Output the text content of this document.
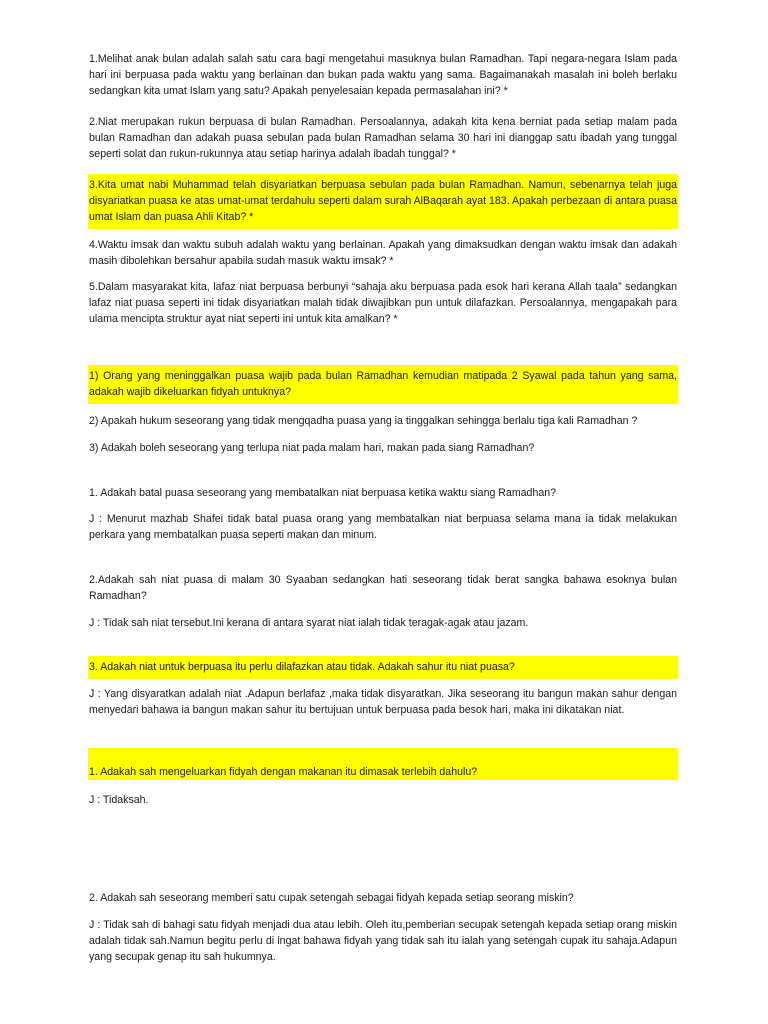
1.Melihat anak bulan adalah salah satu cara bagi mengetahui masuknya bulan Ramadhan. Tapi negara-negara Islam pada hari ini berpuasa pada waktu yang berlainan dan bukan pada waktu yang sama. Bagaimanakah masalah ini boleh berlaku sedangkan kita umat Islam yang satu? Apakah penyelesaian kepada permasalahan ini? *

2.Niat merupakan rukun berpuasa di bulan Ramadhan. Persoalannya, adakah kita kena berniat pada setiap malam pada bulan Ramadhan dan adakah puasa sebulan pada bulan Ramadhan selama 30 hari ini dianggap satu ibadah yang tunggal seperti solat dan rukun-rukunnya atau setiap harinya adalah ibadah tunggal? *

3.Kita umat nabi Muhammad telah disyariatkan berpuasa sebulan pada bulan Ramadhan. Namun, sebenarnya telah juga disyariatkan puasa ke atas umat-umat terdahulu seperti dalam surah AlBaqarah ayat 183. Apakah perbezaan di antara puasa umat Islam dan puasa Ahli Kitab? *

4.Waktu imsak dan waktu subuh adalah waktu yang berlainan. Apakah yang dimaksudkan dengan waktu imsak dan adakah masih dibolehkan bersahur apabila sudah masuk waktu imsak? *

5.Dalam masyarakat kita, lafaz niat berpuasa berbunyi “sahaja aku berpuasa pada esok hari kerana Allah taala” sedangkan lafaz niat puasa seperti ini tidak disyariatkan malah tidak diwajibkan pun untuk dilafazkan. Persoalannya, mengapakah para ulama mencipta struktur ayat niat seperti ini untuk kita amalkan? *

1) Orang yang meninggalkan puasa wajib pada bulan Ramadhan kemudian matipada 2 Syawal pada tahun yang sama, adakah wajib dikeluarkan fidyah untuknya?

2) Apakah hukum seseorang yang tidak mengqadha puasa yang ia tinggalkan sehingga berlalu tiga kali Ramadhan ?

3) Adakah boleh seseorang yang terlupa niat pada malam hari, makan pada siang Ramadhan?

1. Adakah batal puasa seseorang yang membatalkan niat berpuasa ketika waktu siang Ramadhan?

J : Menurut mazhab Shafei tidak batal puasa orang yang membatalkan niat berpuasa selama mana ia tidak melakukan perkara yang membatalkan puasa seperti makan dan minum.

2.Adakah sah niat puasa di malam 30 Syaaban sedangkan hati seseorang tidak berat sangka bahawa esoknya bulan Ramadhan?

J : Tidak sah niat tersebut.Ini kerana di antara syarat niat ialah tidak teragak-agak atau jazam.

3. Adakah niat untuk berpuasa itu perlu dilafazkan atau tidak. Adakah sahur itu niat puasa?

J : Yang disyaratkan adalah niat .Adapun berlafaz ,maka tidak disyaratkan. Jika seseorang itu bangun makan sahur dengan menyedari bahawa ia bangun makan sahur itu bertujuan untuk berpuasa pada besok hari, maka ini dikatakan niat.

1. Adakah sah mengeluarkan fidyah dengan makanan itu dimasak terlebih dahulu?

J : Tidaksah.

2. Adakah sah seseorang memberi satu cupak setengah sebagai fidyah kepada setiap seorang miskin?

J : Tidak sah di bahagi satu fidyah menjadi dua atau lebih. Oleh itu,pemberian secupak setengah kepada setiap orang miskin adalah tidak sah.Namun begitu perlu di ingat bahawa fidyah yang tidak sah itu ialah yang setengah cupak itu sahaja.Adapun yang secupak genap itu sah hukumnya.
